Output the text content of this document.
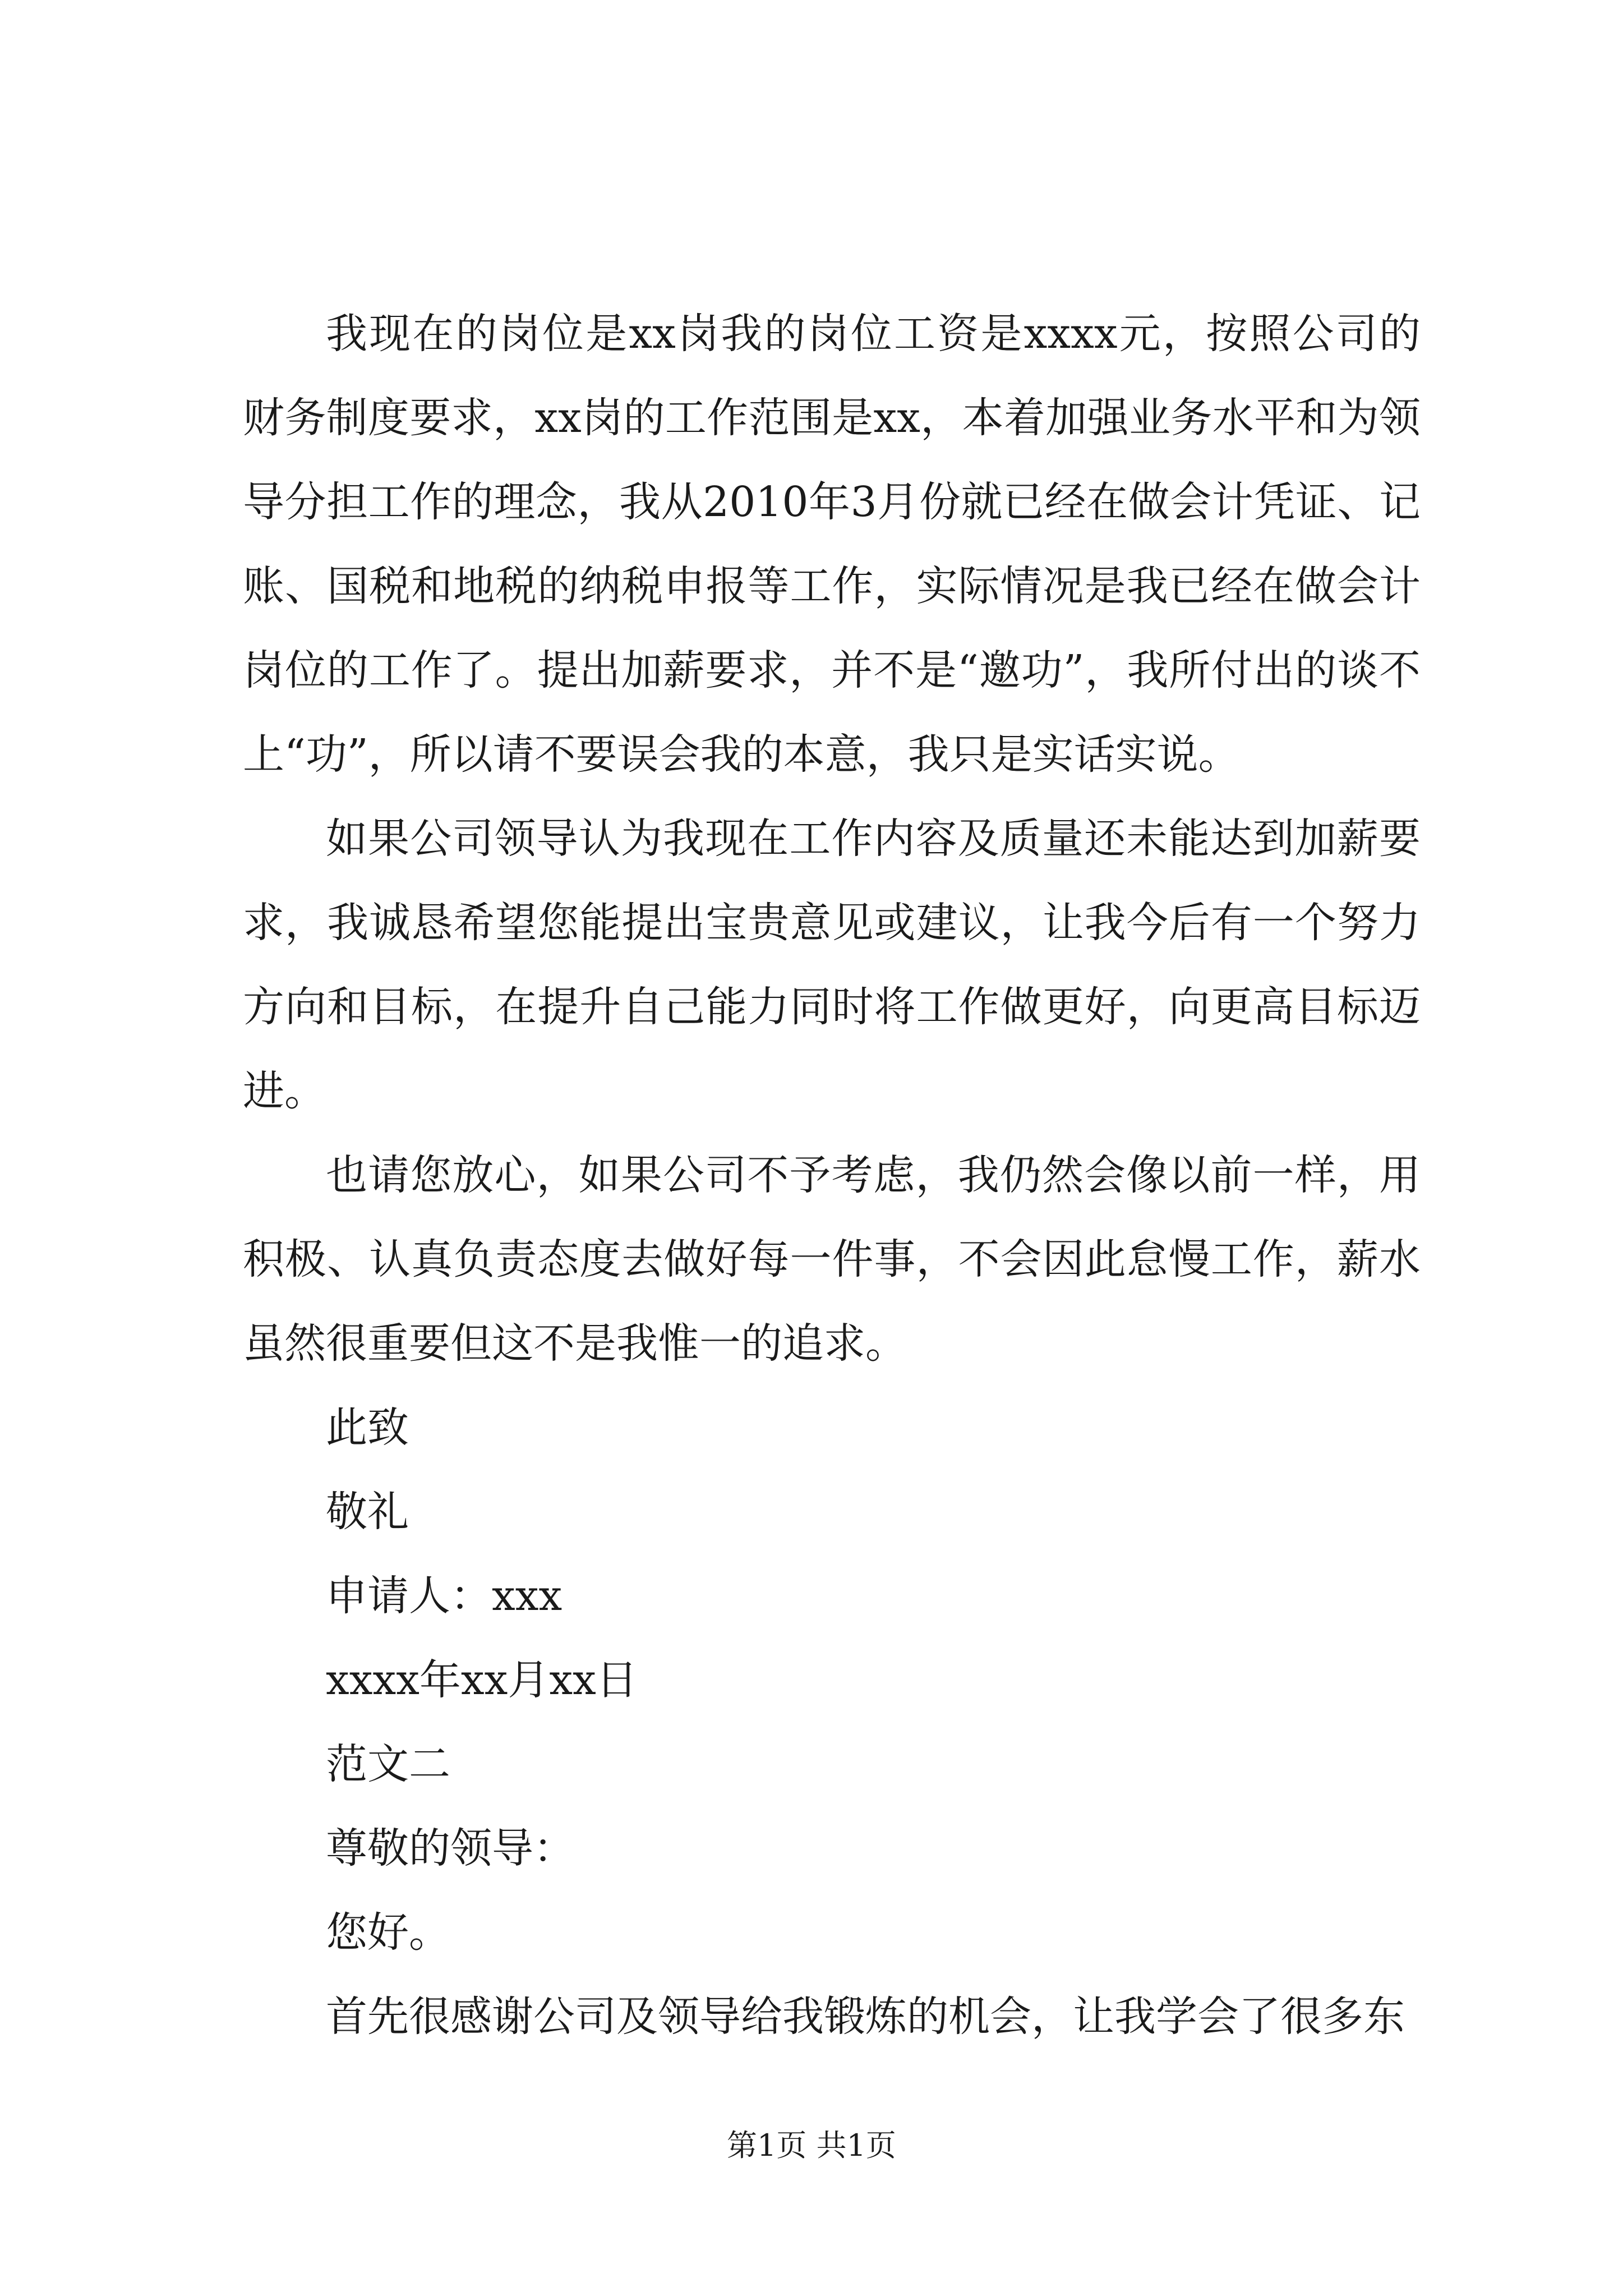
我现在的岗位是xx岗我的岗位工资是xxxx元，按照公司的财务制度要求，xx岗的工作范围是xx，本着加强业务水平和为领导分担工作的理念，我从2010年3月份就已经在做会计凭证、记账、国税和地税的纳税申报等工作，实际情况是我已经在做会计岗位的工作了。提出加薪要求，并不是“邀功”，我所付出的谈不上“功”，所以请不要误会我的本意，我只是实话实说。

如果公司领导认为我现在工作内容及质量还未能达到加薪要求，我诚恳希望您能提出宝贵意见或建议，让我今后有一个努力方向和目标，在提升自己能力同时将工作做更好，向更高目标迈进。

也请您放心，如果公司不予考虑，我仍然会像以前一样，用积极、认真负责态度去做好每一件事，不会因此怠慢工作，薪水虽然很重要但这不是我惟一的追求。

此致

敬礼

申请人：xxx

xxxx年xx月xx日

范文二

尊敬的领导：

您好。

首先很感谢公司及领导给我锻炼的机会，让我学会了很多东

第1页 共1页
